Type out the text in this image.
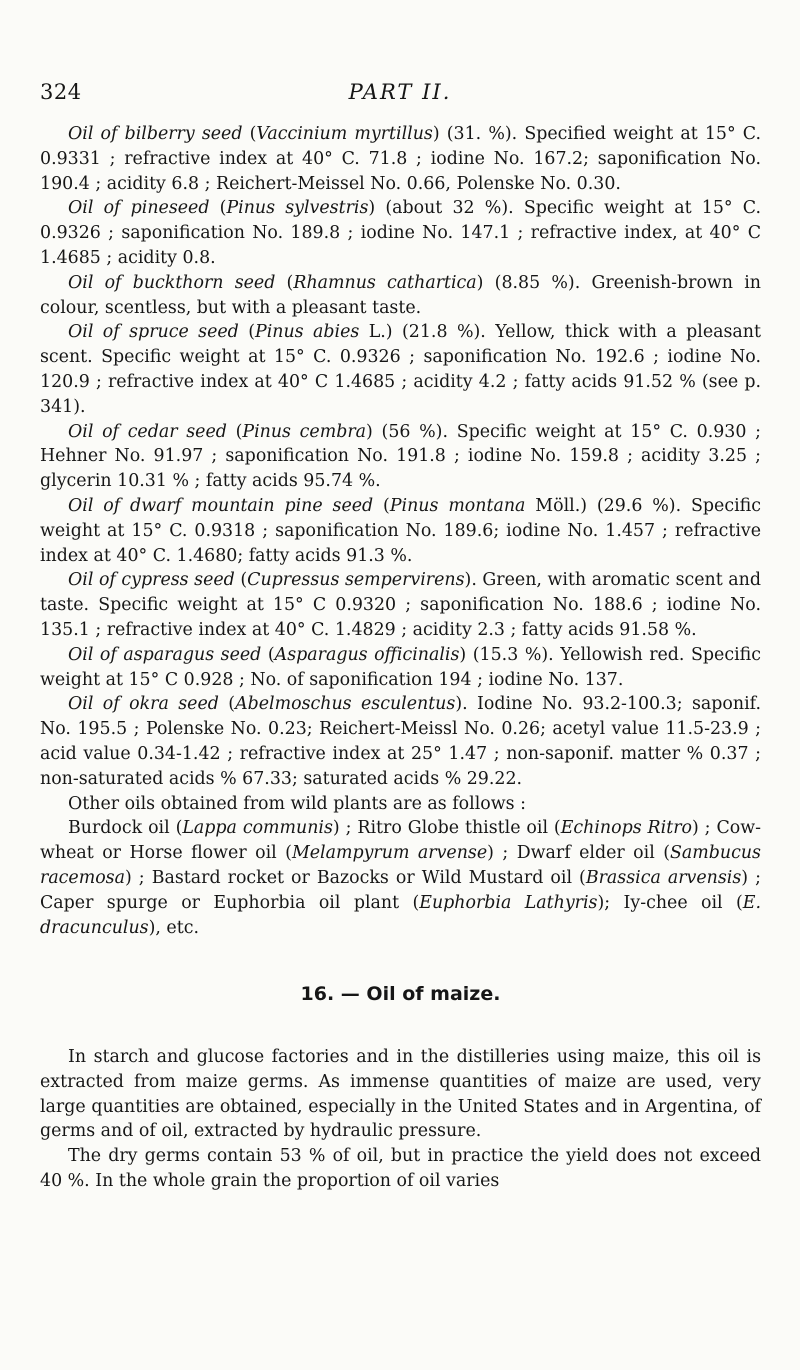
324	PART II.

Oil of bilberry seed (Vaccinium myrtillus) (31. %). Specified weight at 15° C. 0.9331 ; refractive index at 40° C. 71.8 ; iodine No. 167.2; saponification No. 190.4 ; acidity 6.8 ; Reichert-Meissel No. 0.66, Polenske No. 0.30.

Oil of pineseed (Pinus sylvestris) (about 32 %). Specific weight at 15° C. 0.9326 ; saponification No. 189.8 ; iodine No. 147.1 ; refractive index, at 40° C 1.4685 ; acidity 0.8.

Oil of buckthorn seed (Rhamnus cathartica) (8.85 %). Greenish-brown in colour, scentless, but with a pleasant taste.

Oil of spruce seed (Pinus abies L.) (21.8 %). Yellow, thick with a pleasant scent. Specific weight at 15° C. 0.9326 ; saponification No. 192.6 ; iodine No. 120.9 ; refractive index at 40° C 1.4685 ; acidity 4.2 ; fatty acids 91.52 % (see p. 341).

Oil of cedar seed (Pinus cembra) (56 %). Specific weight at 15° C. 0.930 ; Hehner No. 91.97 ; saponification No. 191.8 ; iodine No. 159.8 ; acidity 3.25 ; glycerin 10.31 % ; fatty acids 95.74 %.

Oil of dwarf mountain pine seed (Pinus montana Möll.) (29.6 %). Specific weight at 15° C. 0.9318 ; saponification No. 189.6; iodine No. 1.457 ; refractive index at 40° C. 1.4680; fatty acids 91.3 %.

Oil of cypress seed (Cupressus sempervirens). Green, with aromatic scent and taste. Specific weight at 15° C 0.9320 ; saponification No. 188.6 ; iodine No. 135.1 ; refractive index at 40° C. 1.4829 ; acidity 2.3 ; fatty acids 91.58 %.

Oil of asparagus seed (Asparagus officinalis) (15.3 %). Yellowish red. Specific weight at 15° C 0.928 ; No. of saponification 194 ; iodine No. 137.

Oil of okra seed (Abelmoschus esculentus). Iodine No. 93.2-100.3; saponif. No. 195.5 ; Polenske No. 0.23; Reichert-Meissl No. 0.26; acetyl value 11.5-23.9 ; acid value 0.34-1.42 ; refractive index at 25° 1.47 ; non-saponif. matter % 0.37 ; non-saturated acids % 67.33; saturated acids % 29.22.

Other oils obtained from wild plants are as follows :

Burdock oil (Lappa communis) ; Ritro Globe thistle oil (Echinops Ritro) ; Cow-wheat or Horse flower oil (Melampyrum arvense) ; Dwarf elder oil (Sambucus racemosa) ; Bastard rocket or Bazocks or Wild Mustard oil (Brassica arvensis) ; Caper spurge or Euphorbia oil plant (Euphorbia Lathyris); Iy-chee oil (E. dracunculus), etc.

16. — Oil of maize.

In starch and glucose factories and in the distilleries using maize, this oil is extracted from maize germs. As immense quantities of maize are used, very large quantities are obtained, especially in the United States and in Argentina, of germs and of oil, extracted by hydraulic pressure.

The dry germs contain 53 % of oil, but in practice the yield does not exceed 40 %. In the whole grain the proportion of oil varies
